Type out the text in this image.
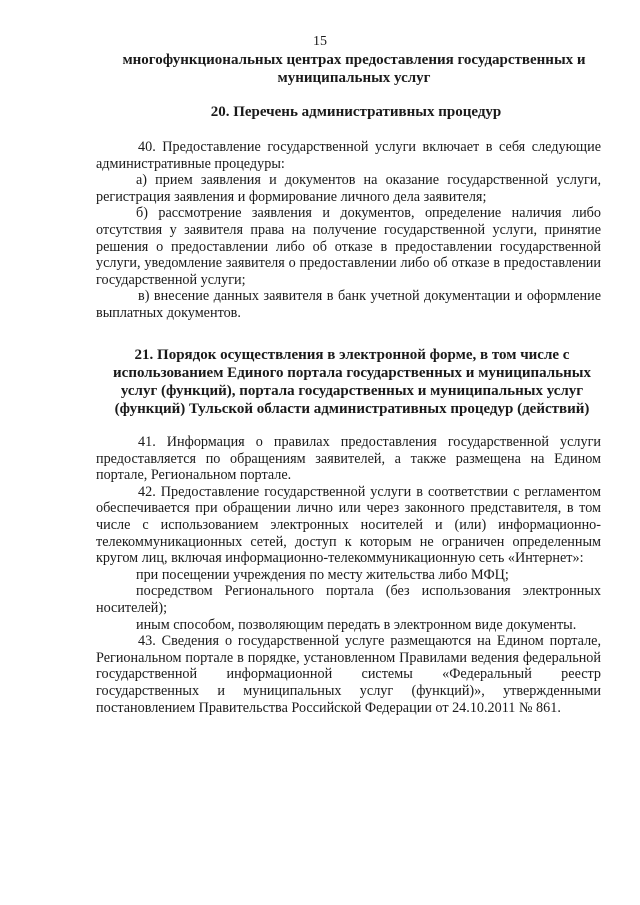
15
многофункциональных центрах предоставления государственных и
муниципальных услуг
20. Перечень административных процедур

40. Предоставление государственной услуги включает в себя следующие административные процедуры:

а) прием заявления и документов на оказание государственной услуги, регистрация заявления и формирование личного дела заявителя;

б) рассмотрение заявления и документов, определение наличия либо отсутствия у заявителя права на получение государственной услуги, принятие решения о предоставлении либо об отказе в предоставлении государственной услуги, уведомление заявителя о предоставлении либо об отказе в предоставлении государственной услуги;

в) внесение данных заявителя в банк учетной документации и оформление выплатных документов.

21. Порядок осуществления в электронной форме, в том числе с
использованием Единого портала государственных и муниципальных
услуг (функций), портала государственных и муниципальных услуг
(функций) Тульской области административных процедур (действий)

41. Информация о правилах предоставления государственной услуги предоставляется по обращениям заявителей, а также размещена на Едином портале, Региональном портале.

42. Предоставление государственной услуги в соответствии с регламентом обеспечивается при обращении лично или через законного представителя, в том числе с использованием электронных носителей и (или) информационно-телекоммуникационных сетей, доступ к которым не ограничен определенным кругом лиц, включая информационно-телекоммуникационную сеть «Интернет»:

при посещении учреждения по месту жительства либо МФЦ;

посредством Регионального портала (без использования электронных носителей);

иным способом, позволяющим передать в электронном виде документы.

43. Сведения о государственной услуге размещаются на Едином портале, Региональном портале в порядке, установленном Правилами ведения федеральной государственной информационной системы «Федеральный реестр государственных и муниципальных услуг (функций)», утвержденными постановлением Правительства Российской Федерации от 24.10.2011 № 861.
